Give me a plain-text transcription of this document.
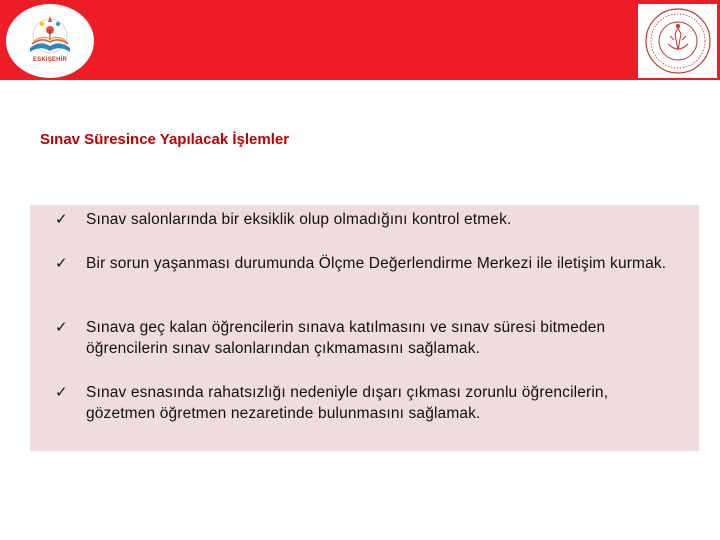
ESKİŞEHİR
Sınav Süresince Yapılacak İşlemler
✓	Sınav salonlarında bir eksiklik olup olmadığını kontrol etmek.
✓	Bir sorun yaşanması durumunda Ölçme Değerlendirme Merkezi ile iletişim kurmak.
✓	Sınava geç kalan öğrencilerin sınava katılmasını ve sınav süresi bitmeden öğrencilerin sınav salonlarından çıkmamasını sağlamak.
✓	Sınav esnasında rahatsızlığı nedeniyle dışarı çıkması zorunlu öğrencilerin, gözetmen öğretmen nezaretinde bulunmasını sağlamak.
